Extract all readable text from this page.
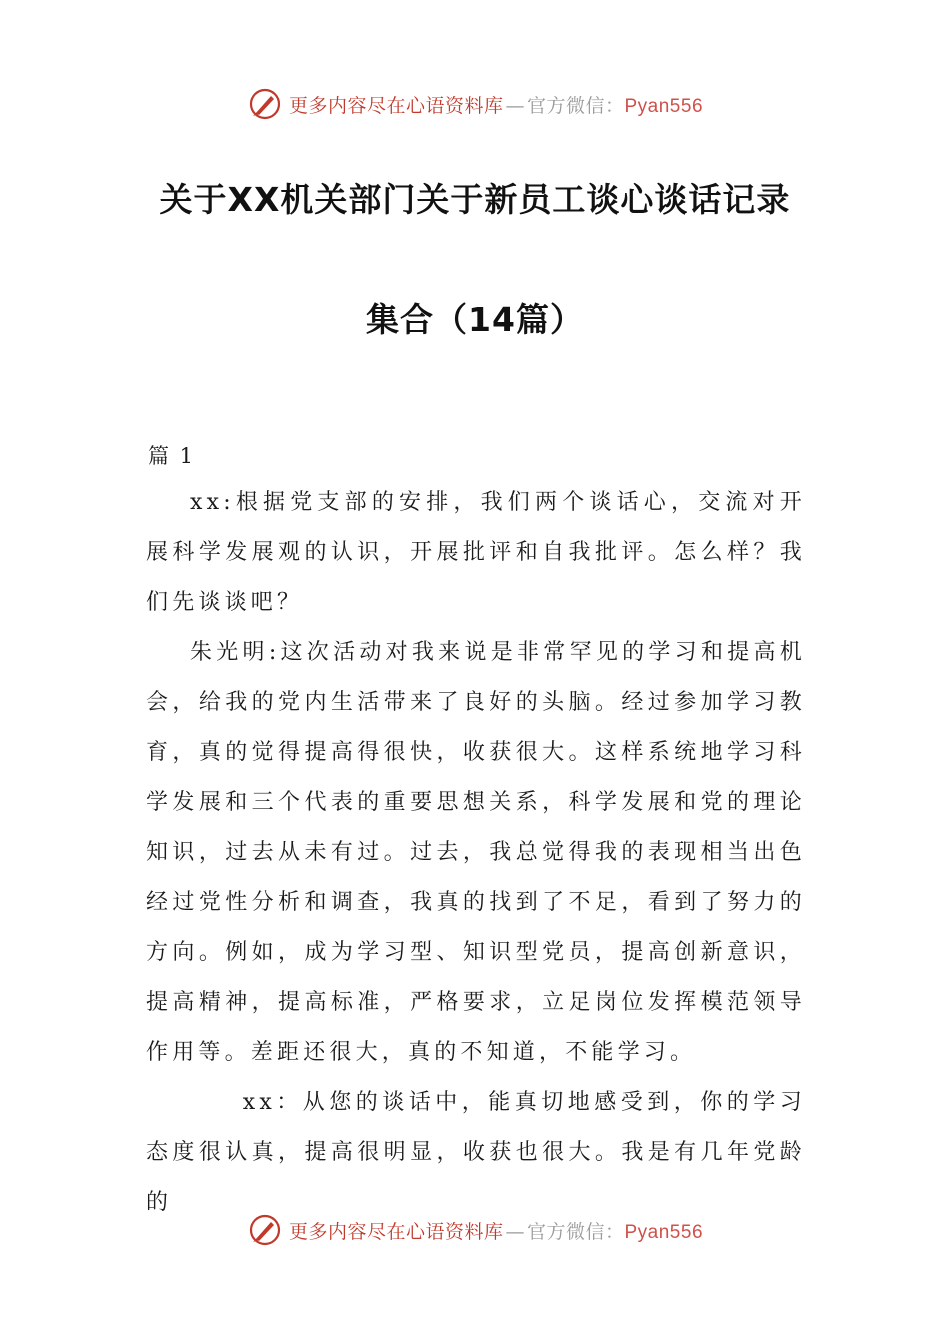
更多内容尽在心语资料库 — 官方微信：Pyan556
关于XX机关部门关于新员工谈心谈话记录
集合（14篇）
篇 1

xx:根据党支部的安排，我们两个谈话心，交流对开展科学发展观的认识，开展批评和自我批评。怎么样？我们先谈谈吧？

朱光明:这次活动对我来说是非常罕见的学习和提高机会，给我的党内生活带来了良好的头脑。经过参加学习教育，真的觉得提高得很快，收获很大。这样系统地学习科学发展和三个代表的重要思想关系，科学发展和党的理论知识，过去从未有过。过去，我总觉得我的表现相当出色经过党性分析和调查，我真的找到了不足，看到了努力的方向。例如，成为学习型、知识型党员，提高创新意识，提高精神，提高标准，严格要求，立足岗位发挥模范领导作用等。差距还很大，真的不知道，不能学习。

xx：从您的谈话中，能真切地感受到，你的学习态度很认真，提高很明显，收获也很大。我是有几年党龄的

更多内容尽在心语资料库 — 官方微信：Pyan556
